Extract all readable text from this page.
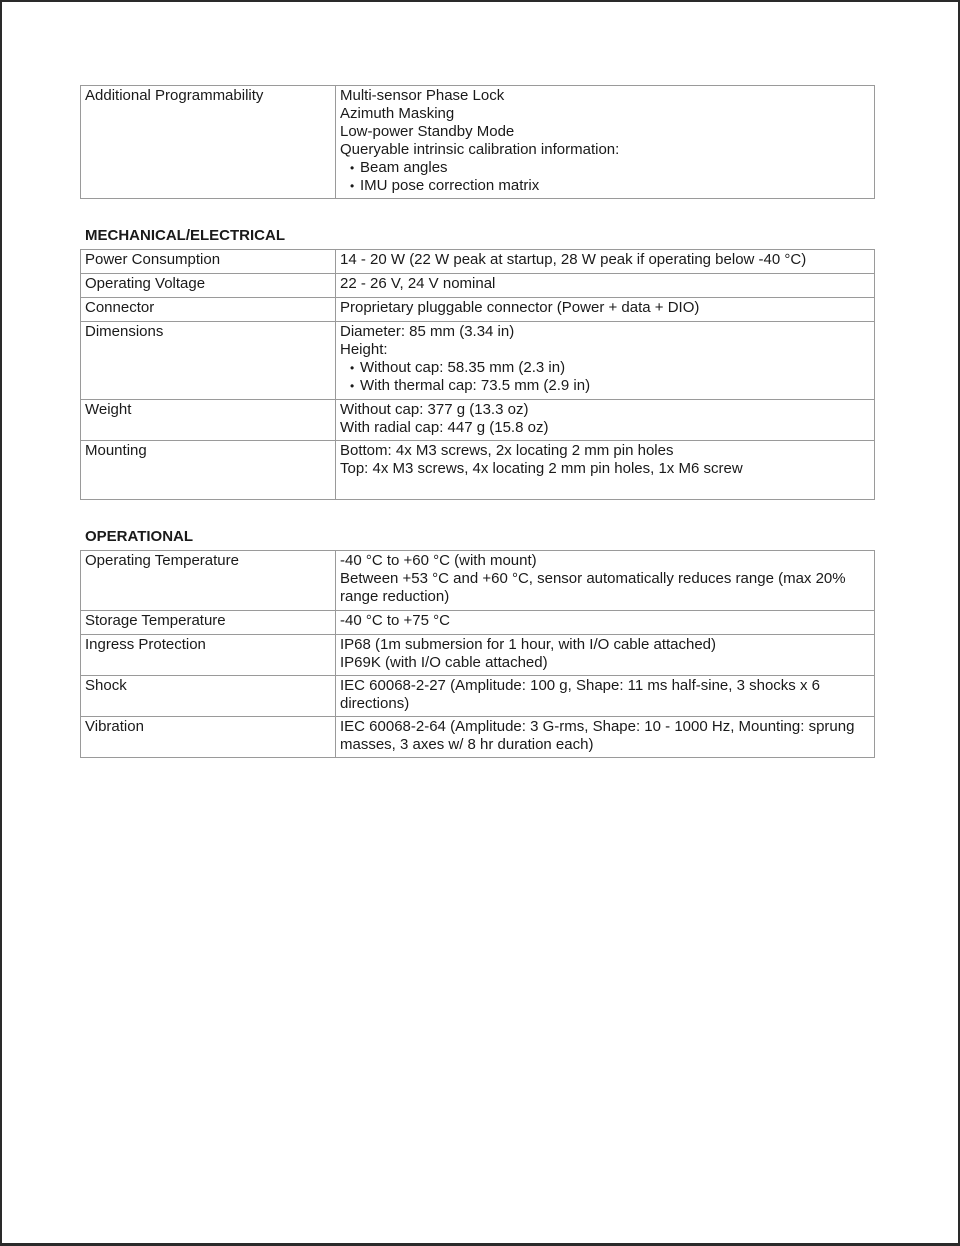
Additional Programmability	Multi-sensor Phase Lock
Azimuth Masking
Low-power Standby Mode
Queryable intrinsic calibration information:
• Beam angles
• IMU pose correction matrix
MECHANICAL/ELECTRICAL
Power Consumption	14 - 20 W (22 W peak at startup, 28 W peak if operating below -40 °C)

Operating Voltage	22 - 26 V, 24 V nominal

Connector	Proprietary pluggable connector (Power + data + DIO)

Dimensions	Diameter: 85 mm (3.34 in)
Height:
• Without cap: 58.35 mm (2.3 in)
• With thermal cap: 73.5 mm (2.9 in)

Weight	Without cap: 377 g (13.3 oz)
With radial cap: 447 g (15.8 oz)

Mounting	Bottom: 4x M3 screws, 2x locating 2 mm pin holes
Top: 4x M3 screws, 4x locating 2 mm pin holes, 1x M6 screw
OPERATIONAL
Operating Temperature	-40 °C to +60 °C (with mount)
Between +53 °C and +60 °C, sensor automatically reduces range (max 20% range reduction)

Storage Temperature	-40 °C to +75 °C

Ingress Protection	IP68 (1m submersion for 1 hour, with I/O cable attached)
IP69K (with I/O cable attached)

Shock	IEC 60068-2-27 (Amplitude: 100 g, Shape: 11 ms half-sine, 3 shocks x 6 directions)

Vibration	IEC 60068-2-64 (Amplitude: 3 G-rms, Shape: 10 - 1000 Hz, Mounting: sprung masses, 3 axes w/ 8 hr duration each)
